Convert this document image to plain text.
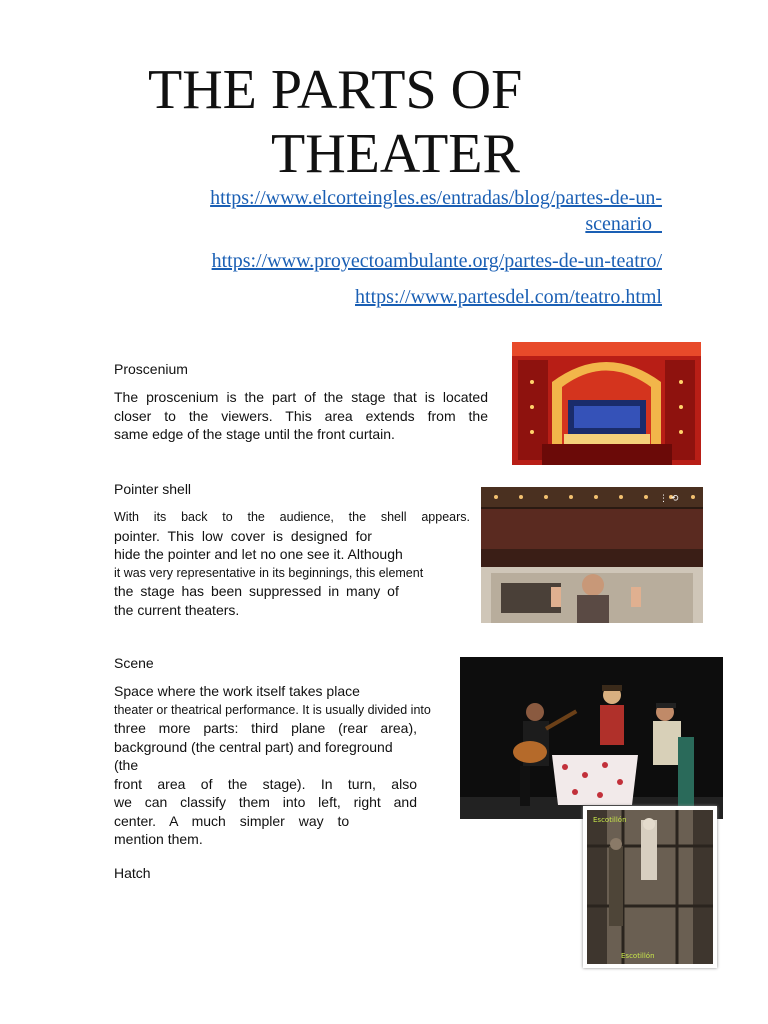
THE PARTS OF
THEATER
https://www.elcorteingles.es/entradas/blog/partes-de-un-
scenario
https://www.proyectoambulante.org/partes-de-un-teatro/
https://www.partesdel.com/teatro.html
Proscenium
The proscenium is the part of the stage that is located
closer to the viewers. This area extends from the
same edge of the stage until the front curtain.
Pointer shell
With its back to the audience, the shell appears.
pointer. This low cover is designed for
hide the pointer and let no one see it. Although
it was very representative in its beginnings, this element
the stage has been suppressed in many of
the current theaters.
⋮ ⟲
Scene
Space where the work itself takes place
theater or theatrical performance. It is usually divided into
three more parts: third plane (rear area),
background (the central part) and foreground (the
front area of the stage). In turn, also
we can classify them into left, right and
center. A much simpler way to
mention them.
Hatch
Escotillón
Escotillón
